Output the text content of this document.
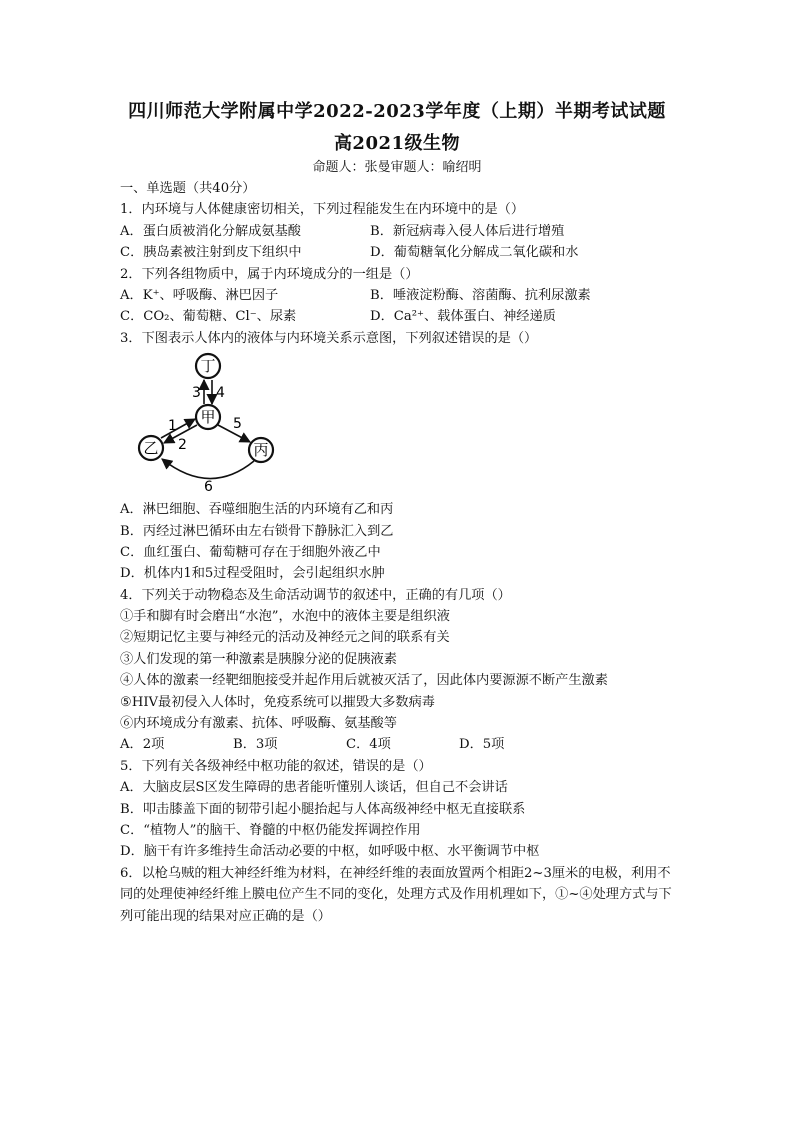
四川师范大学附属中学2022-2023学年度（上期）半期考试试题
高2021级生物
命题人：张曼审题人：喻绍明
一、单选题（共40分）
1．内环境与人体健康密切相关，下列过程能发生在内环境中的是（）
A．蛋白质被消化分解成氨基酸	B．新冠病毒入侵人体后进行增殖
C．胰岛素被注射到皮下组织中	D．葡萄糖氧化分解成二氧化碳和水
2．下列各组物质中，属于内环境成分的一组是（）
A．K⁺、呼吸酶、淋巴因子	B．唾液淀粉酶、溶菌酶、抗利尿激素
C．CO₂、葡萄糖、Cl⁻、尿素	D．Ca²⁺、载体蛋白、神经递质
3．下图表示人体内的液体与内环境关系示意图，下列叙述错误的是（）
丁
甲
乙	丙
3 4
1
2
5
6
A．淋巴细胞、吞噬细胞生活的内环境有乙和丙
B．丙经过淋巴循环由左右锁骨下静脉汇入到乙
C．血红蛋白、葡萄糖可存在于细胞外液乙中
D．机体内1和5过程受阻时，会引起组织水肿
4．下列关于动物稳态及生命活动调节的叙述中，正确的有几项（）
①手和脚有时会磨出“水泡”，水泡中的液体主要是组织液
②短期记忆主要与神经元的活动及神经元之间的联系有关
③人们发现的第一种激素是胰腺分泌的促胰液素
④人体的激素一经靶细胞接受并起作用后就被灭活了，因此体内要源源不断产生激素
⑤HIV最初侵入人体时，免疫系统可以摧毁大多数病毒
⑥内环境成分有激素、抗体、呼吸酶、氨基酸等
A．2项	B．3项	C．4项	D．5项
5．下列有关各级神经中枢功能的叙述，错误的是（）
A．大脑皮层S区发生障碍的患者能听懂别人谈话，但自己不会讲话
B．叩击膝盖下面的韧带引起小腿抬起与人体高级神经中枢无直接联系
C．“植物人”的脑干、脊髓的中枢仍能发挥调控作用
D．脑干有许多维持生命活动必要的中枢，如呼吸中枢、水平衡调节中枢
6．以枪乌贼的粗大神经纤维为材料，在神经纤维的表面放置两个相距2~3厘米的电极，利用不同的处理使神经纤维上膜电位产生不同的变化，处理方式及作用机理如下，①~④处理方式与下列可能出现的结果对应正确的是（）
